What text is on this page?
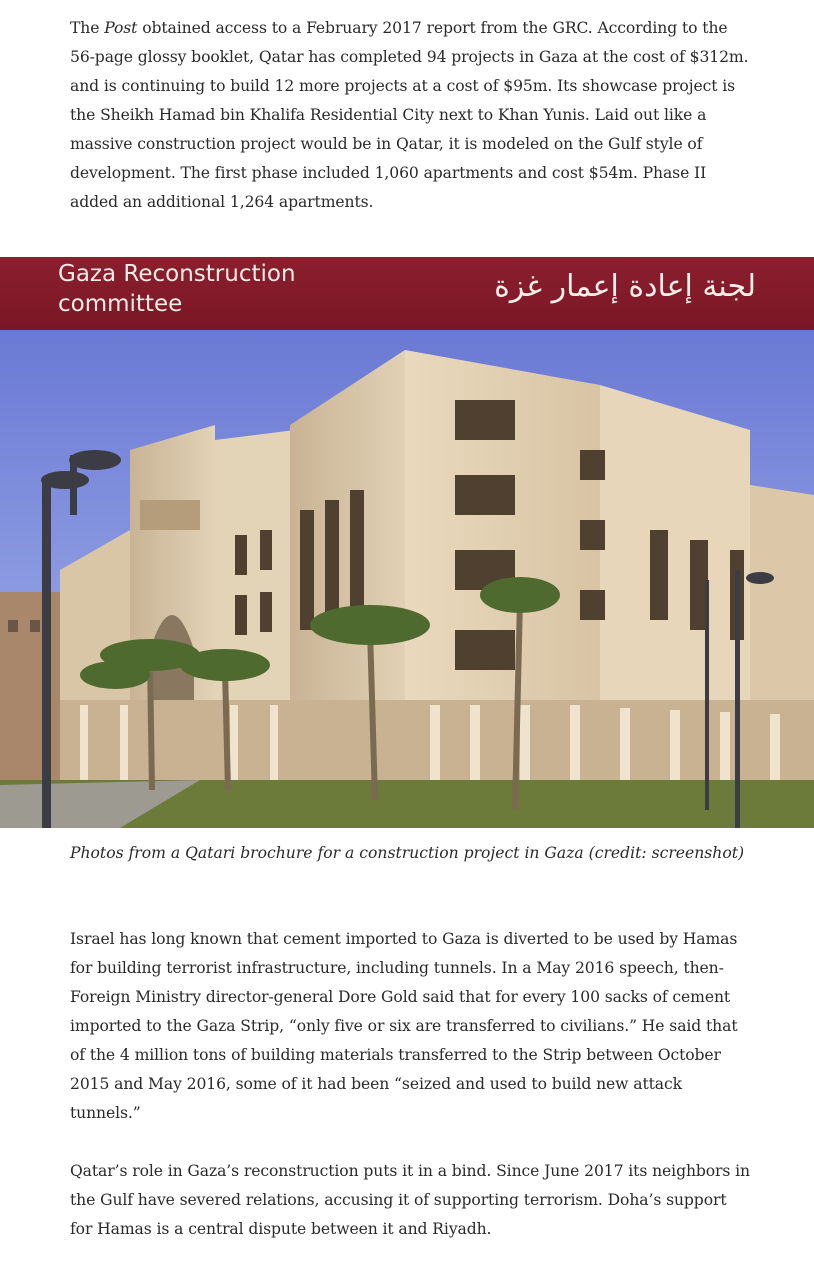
The Post obtained access to a February 2017 report from the GRC. According to the 56-page glossy booklet, Qatar has completed 94 projects in Gaza at the cost of $312m. and is continuing to build 12 more projects at a cost of $95m. Its showcase project is the Sheikh Hamad bin Khalifa Residential City next to Khan Yunis. Laid out like a massive construction project would be in Qatar, it is modeled on the Gulf style of development. The first phase included 1,060 apartments and cost $54m. Phase II added an additional 1,264 apartments.

Gaza Reconstruction
committee	لجنة إعادة إعمار غزة

Photos from a Qatari brochure for a construction project in Gaza (credit: screenshot)

Israel has long known that cement imported to Gaza is diverted to be used by Hamas for building terrorist infrastructure, including tunnels. In a May 2016 speech, then-Foreign Ministry director-general Dore Gold said that for every 100 sacks of cement imported to the Gaza Strip, “only five or six are transferred to civilians.” He said that of the 4 million tons of building materials transferred to the Strip between October 2015 and May 2016, some of it had been “seized and used to build new attack tunnels.”

Qatar’s role in Gaza’s reconstruction puts it in a bind. Since June 2017 its neighbors in the Gulf have severed relations, accusing it of supporting terrorism. Doha’s support for Hamas is a central dispute between it and Riyadh.
